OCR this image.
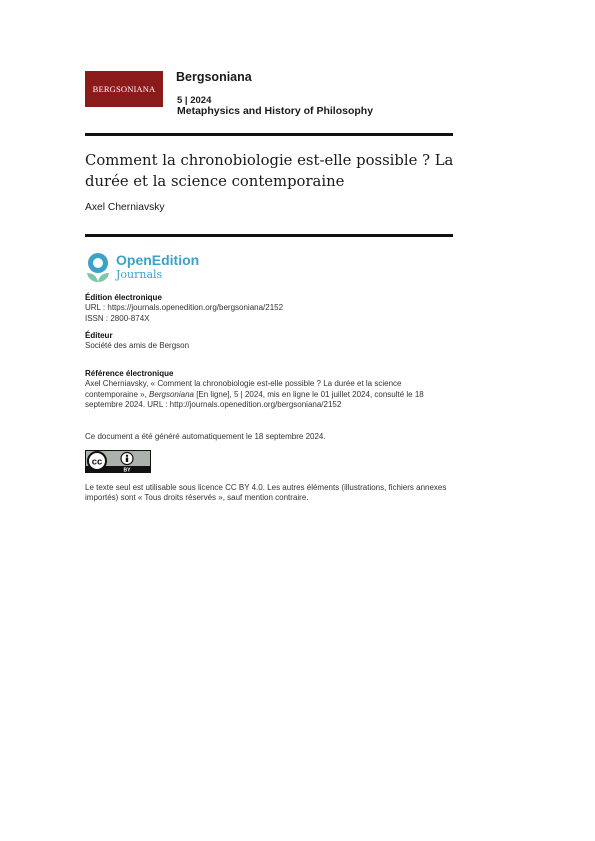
BERGSONIANA
Bergsoniana
5 | 2024
Metaphysics and History of Philosophy
Comment la chronobiologie est-elle possible ? La durée et la science contemporaine
Axel Cherniavsky
OpenEdition
Journals
Édition électronique
URL : https://journals.openedition.org/bergsoniana/2152
ISSN : 2800-874X
Éditeur
Société des amis de Bergson
Référence électronique
Axel Cherniavsky, « Comment la chronobiologie est-elle possible ? La durée et la science contemporaine », Bergsoniana [En ligne], 5 | 2024, mis en ligne le 01 juillet 2024, consulté le 18 septembre 2024. URL : http://journals.openedition.org/bergsoniana/2152
Ce document a été généré automatiquement le 18 septembre 2024.
cc
BY
Le texte seul est utilisable sous licence CC BY 4.0. Les autres éléments (illustrations, fichiers annexes importés) sont « Tous droits réservés », sauf mention contraire.
